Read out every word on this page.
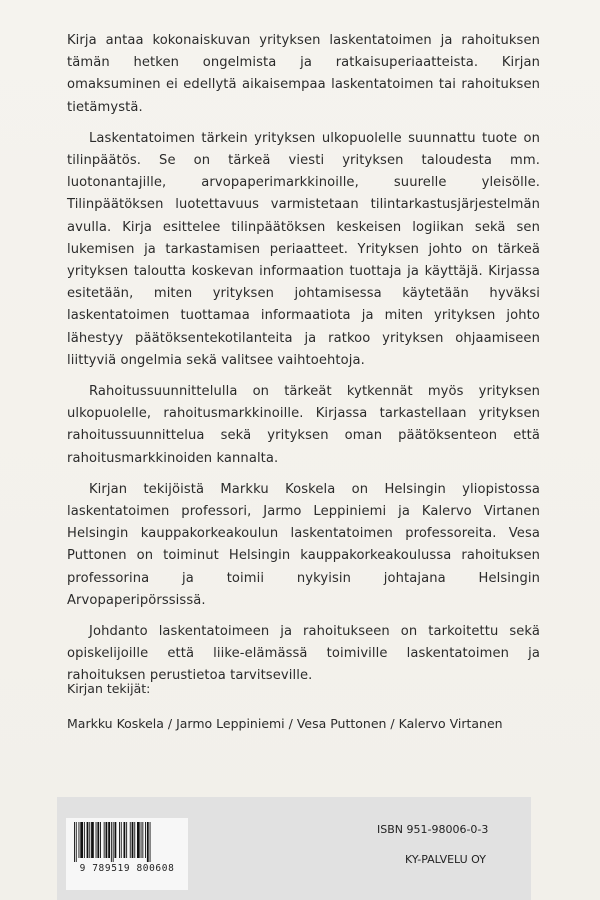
Kirja antaa kokonaiskuvan yrityksen laskentatoimen ja rahoituksen tämän hetken ongelmista ja ratkaisuperiaatteista. Kirjan omaksuminen ei edellytä aikaisempaa laskentatoimen tai rahoituksen tietämystä.

Laskentatoimen tärkein yrityksen ulkopuolelle suunnattu tuote on tilinpäätös. Se on tärkeä viesti yrityksen taloudesta mm. luotonantajille, arvopaperimarkkinoille, suurelle yleisölle. Tilinpäätöksen luotettavuus varmistetaan tilintarkastusjärjestelmän avulla. Kirja esittelee tilinpäätöksen keskeisen logiikan sekä sen lukemisen ja tarkastamisen periaatteet. Yrityksen johto on tärkeä yrityksen taloutta koskevan informaation tuottaja ja käyttäjä. Kirjassa esitetään, miten yrityksen johtamisessa käytetään hyväksi laskentatoimen tuottamaa informaatiota ja miten yrityksen johto lähestyy päätöksentekotilanteita ja ratkoo yrityksen ohjaamiseen liittyviä ongelmia sekä valitsee vaihtoehtoja.

Rahoitussuunnittelulla on tärkeät kytkennät myös yrityksen ulkopuolelle, rahoitusmarkkinoille. Kirjassa tarkastellaan yrityksen rahoitussuunnittelua sekä yrityksen oman päätöksenteon että rahoitusmarkkinoiden kannalta.

Kirjan tekijöistä Markku Koskela on Helsingin yliopistossa laskentatoimen professori, Jarmo Leppiniemi ja Kalervo Virtanen Helsingin kauppakorkeakoulun laskentatoimen professoreita. Vesa Puttonen on toiminut Helsingin kauppakorkeakoulussa rahoituksen professorina ja toimii nykyisin johtajana Helsingin Arvopaperipörssissä.

Johdanto laskentatoimeen ja rahoitukseen on tarkoitettu sekä opiskelijoille että liike-elämässä toimiville laskentatoimen ja rahoituksen perustietoa tarvitseville.

Kirjan tekijät:
Markku Koskela / Jarmo Leppiniemi / Vesa Puttonen / Kalervo Virtanen
9 789519 800608
ISBN 951-98006-0-3
KY-PALVELU OY
